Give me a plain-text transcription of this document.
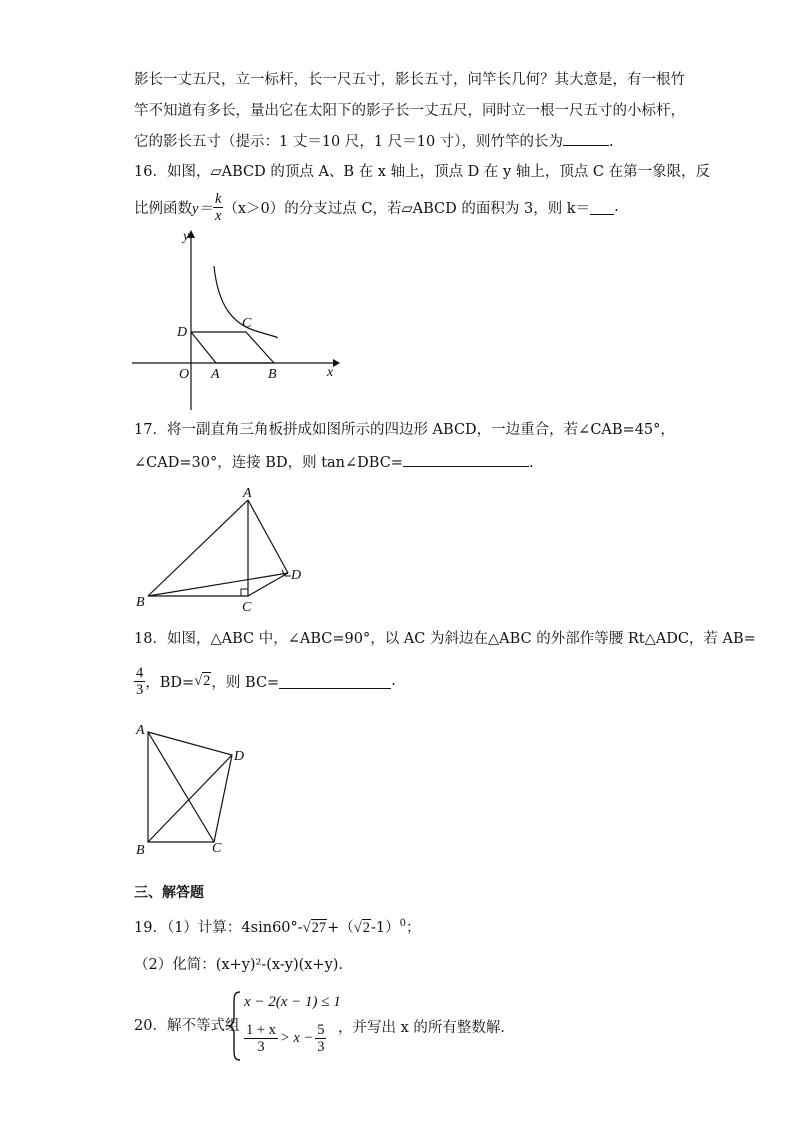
影长一丈五尺，立一标杆，长一尺五寸，影长五寸，问竿长几何？其大意是，有一根竹
竿不知道有多长，量出它在太阳下的影子长一丈五尺，同时立一根一尺五寸的小标杆，
它的影长五寸（提示：1 丈＝10 尺，1 尺＝10 寸），则竹竿的长为	.
16．如图，▱ABCD 的顶点 A、B 在 x 轴上，顶点 D 在 y 轴上，顶点 C 在第一象限，反
比例函数 $y= \frac{k}{x} (x>0)$的分支过点 C，若▱ABCD 的面积为 3，则 k＝ .
y
x
O A	B
C
D
17．将一副直角三角板拼成如图所示的四边形 ABCD，一边重合，若∠CAB=45°，
∠CAD=30°，连接 BD，则 tan∠DBC=	.
A
B	C
D
18．如图，△ABC 中，∠ABC=90°，以 AC 为斜边在△ABC 的外部作等腰 Rt△ADC，若 AB=
$\frac{4}{3}$ ，BD= √2 ，则 BC=	.
A
B	C
D
三、解答题
19．（1）计算：$4\sin 60^\circ-√27+(√2-1)^0$；
（2）化简：(x+y)²-(x-y)(x+y).
20．解不等式组
x − 2(x − 1) ≤ 1
$\frac{1 + x}{3} > x - \frac{5}{3}$ ，并写出 x 的所有整数解．
